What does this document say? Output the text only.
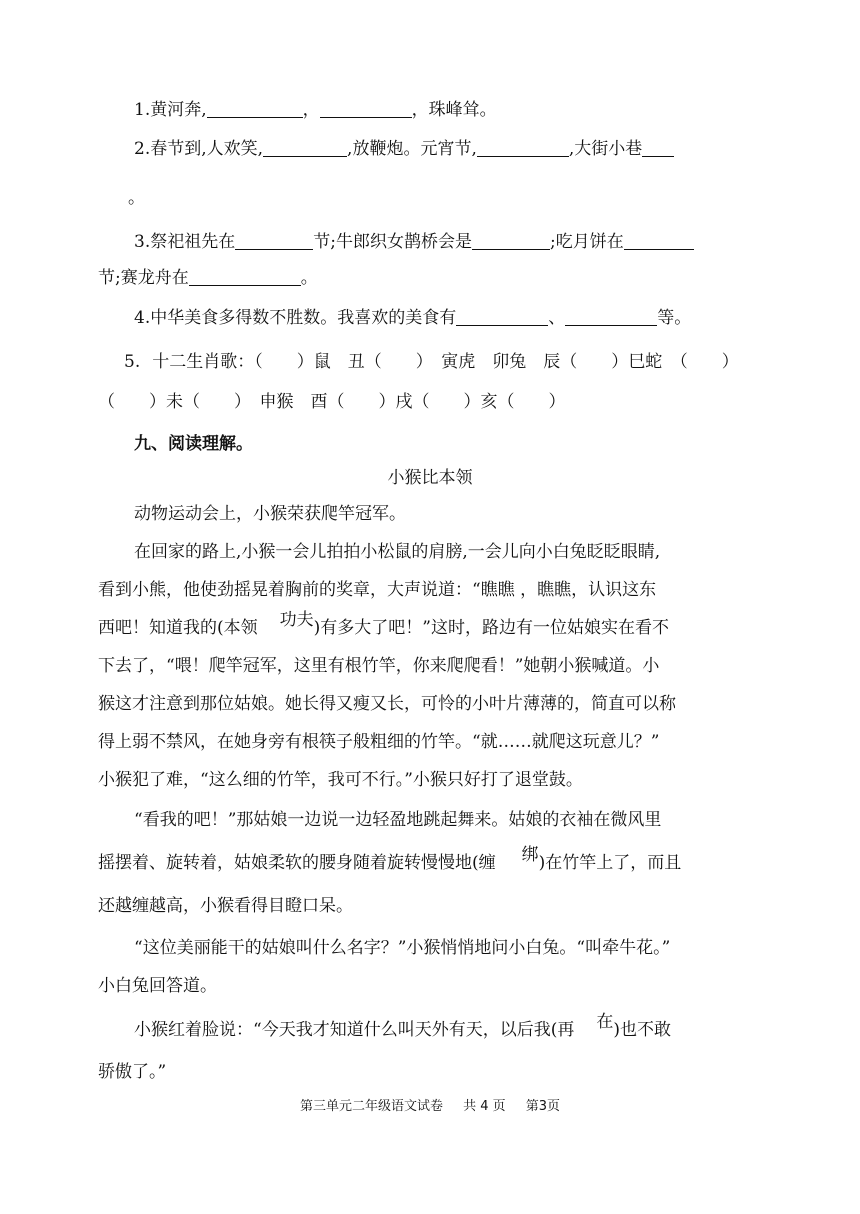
1.黄河奔,	，	，珠峰耸。
2.春节到,人欢笑,	,放鞭炮。元宵节,	,大街小巷
。
3.祭祀祖先在	节;牛郎织女鹊桥会是	;吃月饼在
节;赛龙舟在	。
4.中华美食多得数不胜数。我喜欢的美食有	、	等。
5. 十二生肖歌：（　　）鼠　丑（　　）　寅虎　卯兔　辰（　　）巳蛇　（　　）
（　　）未（　　）　申猴　酉（　　）戌（　　）亥（　　）
九、阅读理解。
小猴比本领
动物运动会上，小猴荣获爬竿冠军。
在回家的路上,小猴一会儿拍拍小松鼠的肩膀,一会儿向小白兔眨眨眼睛,
看到小熊，他使劲摇晃着胸前的奖章，大声说道：“瞧瞧 ，瞧瞧，认识这东
西吧！知道我的(本领 功夫)有多大了吧！”这时，路边有一位姑娘实在看不
下去了，“喂！爬竿冠军，这里有根竹竿，你来爬爬看！”她朝小猴喊道。小
猴这才注意到那位姑娘。她长得又瘦又长，可怜的小叶片薄薄的，简直可以称
得上弱不禁风，在她身旁有根筷子般粗细的竹竿。“就……就爬这玩意儿？”
小猴犯了难，“这么细的竹竿，我可不行。”小猴只好打了退堂鼓。
“看我的吧！”那姑娘一边说一边轻盈地跳起舞来。姑娘的衣袖在微风里
摇摆着、旋转着，姑娘柔软的腰身随着旋转慢慢地(缠 绑)在竹竿上了，而且
还越缠越高，小猴看得目瞪口呆。
“这位美丽能干的姑娘叫什么名字？”小猴悄悄地问小白兔。“叫牵牛花。”
小白兔回答道。
小猴红着脸说：“今天我才知道什么叫天外有天，以后我(再 在)也不敢
骄傲了。”
第三单元二年级语文试卷 共 4 页 第3页
